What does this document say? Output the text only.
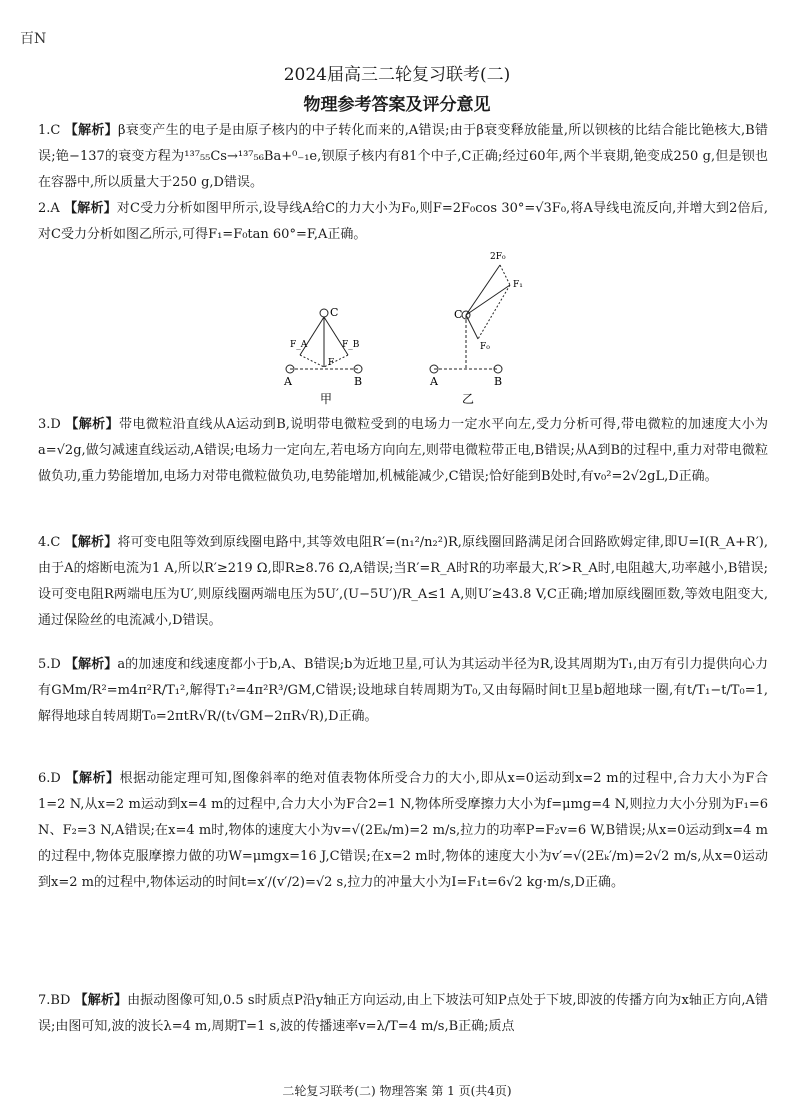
百N
2024届高三二轮复习联考(二)
物理参考答案及评分意见
1.C 【解析】β衰变产生的电子是由原子核内的中子转化而来的,A错误;由于β衰变释放能量,所以钡核的比结合能比铯核大,B错误;铯−137的衰变方程为¹³⁷₅₅Cs→¹³⁷₅₆Ba+⁰₋₁e,钡原子核内有81个中子,C正确;经过60年,两个半衰期,铯变成250 g,但是钡也在容器中,所以质量大于250 g,D错误。
2.A 【解析】对C受力分析如图甲所示,设导线A给C的力大小为F₀,则F=2F₀cos 30°=√3F₀,将A导线电流反向,并增大到2倍后,对C受力分析如图乙所示,可得F₁=F₀tan 60°=F,A正确。
C
A	B
F_A	F_B
F
甲
C
A	B
2F₀
F₁
F₀
乙
3.D 【解析】带电微粒沿直线从A运动到B,说明带电微粒受到的电场力一定水平向左,受力分析可得,带电微粒的加速度大小为a=√2g,做匀减速直线运动,A错误;电场力一定向左,若电场方向向左,则带电微粒带正电,B错误;从A到B的过程中,重力对带电微粒做负功,重力势能增加,电场力对带电微粒做负功,电势能增加,机械能减少,C错误;恰好能到B处时,有v₀²=2√2gL,D正确。
4.C 【解析】将可变电阻等效到原线圈电路中,其等效电阻R′=(n₁²/n₂²)R,原线圈回路满足闭合回路欧姆定律,即U=I(R_A+R′),由于A的熔断电流为1 A,所以R′≥219 Ω,即R≥8.76 Ω,A错误;当R′=R_A时R的功率最大,R′>R_A时,电阻越大,功率越小,B错误;设可变电阻R两端电压为U′,则原线圈两端电压为5U′,(U−5U′)/R_A≤1 A,则U′≥43.8 V,C正确;增加原线圈匝数,等效电阻变大,通过保险丝的电流减小,D错误。
5.D 【解析】a的加速度和线速度都小于b,A、B错误;b为近地卫星,可认为其运动半径为R,设其周期为T₁,由万有引力提供向心力有GMm/R²=m4π²R/T₁²,解得T₁²=4π²R³/GM,C错误;设地球自转周期为T₀,又由每隔时间t卫星b超地球一圈,有t/T₁−t/T₀=1,解得地球自转周期T₀=2πtR√R/(t√GM−2πR√R),D正确。
6.D 【解析】根据动能定理可知,图像斜率的绝对值表物体所受合力的大小,即从x=0运动到x=2 m的过程中,合力大小为F合1=2 N,从x=2 m运动到x=4 m的过程中,合力大小为F合2=1 N,物体所受摩擦力大小为f=μmg=4 N,则拉力大小分别为F₁=6 N、F₂=3 N,A错误;在x=4 m时,物体的速度大小为v=√(2Eₖ/m)=2 m/s,拉力的功率P=F₂v=6 W,B错误;从x=0运动到x=4 m的过程中,物体克服摩擦力做的功W=μmgx=16 J,C错误;在x=2 m时,物体的速度大小为v′=√(2Eₖ′/m)=2√2 m/s,从x=0运动到x=2 m的过程中,物体运动的时间t=x′/(v′/2)=√2 s,拉力的冲量大小为I=F₁t=6√2 kg·m/s,D正确。
7.BD 【解析】由振动图像可知,0.5 s时质点P沿y轴正方向运动,由上下坡法可知P点处于下坡,即波的传播方向为x轴正方向,A错误;由图可知,波的波长λ=4 m,周期T=1 s,波的传播速率v=λ/T=4 m/s,B正确;质点
二轮复习联考(二) 物理答案 第 1 页(共4页)
